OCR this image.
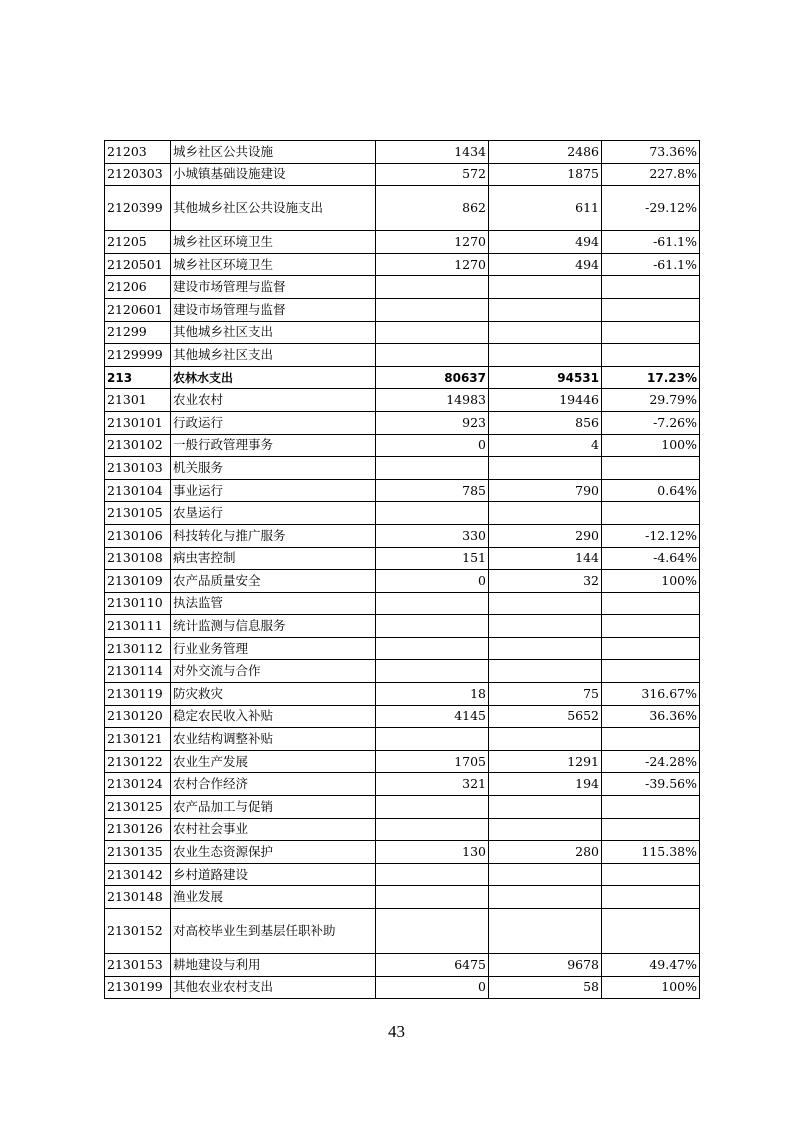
21203	城乡社区公共设施	1434	2486	73.36%
2120303	小城镇基础设施建设	572	1875	227.8%
2120399	其他城乡社区公共设施支出	862	611	-29.12%
21205	城乡社区环境卫生	1270	494	-61.1%
2120501	城乡社区环境卫生	1270	494	-61.1%
21206	建设市场管理与监督			
2120601	建设市场管理与监督			
21299	其他城乡社区支出			
2129999	其他城乡社区支出			
213	农林水支出	80637	94531	17.23%
21301	农业农村	14983	19446	29.79%
2130101	行政运行	923	856	-7.26%
2130102	一般行政管理事务	0	4	100%
2130103	机关服务			
2130104	事业运行	785	790	0.64%
2130105	农垦运行			
2130106	科技转化与推广服务	330	290	-12.12%
2130108	病虫害控制	151	144	-4.64%
2130109	农产品质量安全	0	32	100%
2130110	执法监管			
2130111	统计监测与信息服务			
2130112	行业业务管理			
2130114	对外交流与合作			
2130119	防灾救灾	18	75	316.67%
2130120	稳定农民收入补贴	4145	5652	36.36%
2130121	农业结构调整补贴			
2130122	农业生产发展	1705	1291	-24.28%
2130124	农村合作经济	321	194	-39.56%
2130125	农产品加工与促销			
2130126	农村社会事业			
2130135	农业生态资源保护	130	280	115.38%
2130142	乡村道路建设			
2130148	渔业发展			
2130152	对高校毕业生到基层任职补助			
2130153	耕地建设与利用	6475	9678	49.47%
2130199	其他农业农村支出	0	58	100%
43
